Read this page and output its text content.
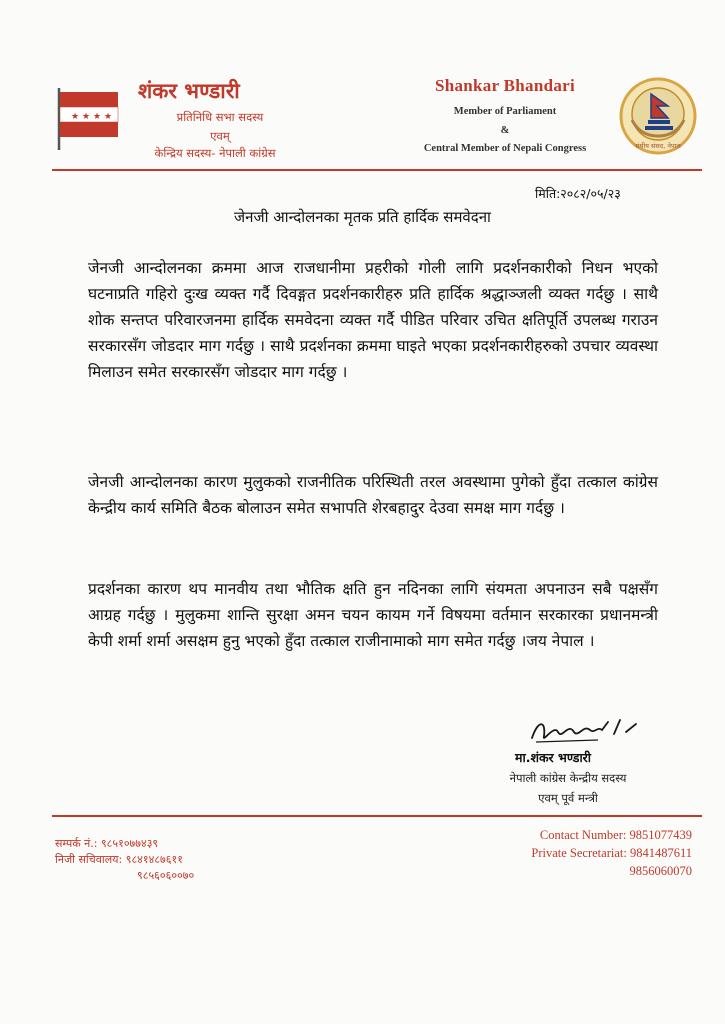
★ ★ ★ ★
शंकर भण्डारी
प्रतिनिधि सभा सदस्य
एवम्
केन्द्रिय सदस्य- नेपाली कांग्रेस
Shankar Bhandari
Member of Parliament
&
Central Member of Nepali Congress	संघीय संसद, नेपाल
मिति:२०८२/०५/२३
जेनजी आन्दोलनका मृतक प्रति हार्दिक समवेदना

जेनजी आन्दोलनका क्रममा आज राजधानीमा प्रहरीको गोली लागि प्रदर्शनकारीको निधन भएको घटनाप्रति गहिरो दुःख व्यक्त गर्दै दिवङ्गत प्रदर्शनकारीहरु प्रति हार्दिक श्रद्धाञ्जली व्यक्त गर्दछु । साथै शोक सन्तप्त परिवारजनमा हार्दिक समवेदना व्यक्त गर्दै पीडित परिवार उचित क्षतिपूर्ति उपलब्ध गराउन सरकारसँग जोडदार माग गर्दछु । साथै प्रदर्शनका क्रममा घाइते भएका प्रदर्शनकारीहरुको उपचार व्यवस्था मिलाउन समेत सरकारसँग जोडदार माग गर्दछु ।

जेनजी आन्दोलनका कारण मुलुकको राजनीतिक परिस्थिती तरल अवस्थामा पुगेको हुँदा तत्काल कांग्रेस केन्द्रीय कार्य समिति बैठक बोलाउन समेत सभापति शेरबहादुर देउवा समक्ष माग गर्दछु ।

प्रदर्शनका कारण थप मानवीय तथा भौतिक क्षति हुन नदिनका लागि संयमता अपनाउन सबै पक्षसँग आग्रह गर्दछु । मुलुकमा शान्ति सुरक्षा अमन चयन कायम गर्ने विषयमा वर्तमान सरकारका प्रधानमन्त्री केपी शर्मा शर्मा असक्षम हुनु भएको हुँदा तत्काल राजीनामाको माग समेत गर्दछु ।जय नेपाल ।

मा.शंकर भण्डारी
नेपाली कांग्रेस केन्द्रीय सदस्य
एवम् पूर्व मन्त्री
सम्पर्क नं.: ९८५१०७७४३९
निजी सचिवालय: ९८४१४८७६११
९८५६०६००७०
Contact Number: 9851077439
Private Secretariat: 9841487611
9856060070
